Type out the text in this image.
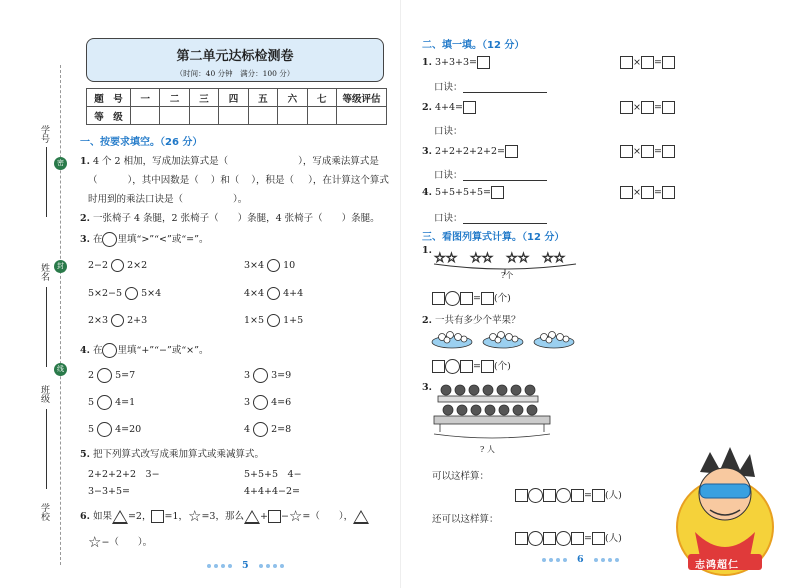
学号
姓名
班级
学校
密
封
线
第二单元达标检测卷
（时间：40 分钟　满分：100 分）
题　号	一	二	三	四	五	六	七	等级评估
等　级								
一、按要求填空。（26 分）
1. 4 个 2 相加，写成加法算式是（	），写成乘法算式是
（	），其中因数是（ ）和（ ），积是（ ），在计算这个算式
时用到的乘法口诀是（	）。
2. 一张椅子 4 条腿，2 张椅子（　　）条腿，4 张椅子（　　）条腿。
3. 在 里填“>”“<”或“=”。
2−2 2×2	3×4 10
5×2−5 5×4	4×4 4+4
2×3 2+3	1×5 1+5
4. 在 里填“+”“−”或“×”。
2 5=7	3 3=9
5 4=1	3 4=6
5 4=20	4 2=8
5. 把下列算式改写成乘加算式或乘减算式。
2+2+2+2　3−	5+5+5　4−
3−3+5=	4+4+4−2=
6. 如果 =2， =1，☆=3，那么 + −☆=（　　），
☆−（　　）。
5
6
二、填一填。（12 分）
1. 3+3+3=	× =
口诀：
2. 4+4=	× =
口诀：
3. 2+2+2+2+2=	× =
口诀：
4. 5+5+5+5=	× =
口诀：
三、看图列算式计算。（12 分）
1.
☆☆ ☆☆ ☆☆ ☆☆
?个
= (个)
2. 一共有多少个苹果？
= (个)
3.
? 人
可以这样算：
= (人)
还可以这样算：
= (人)
志鸿超仁
